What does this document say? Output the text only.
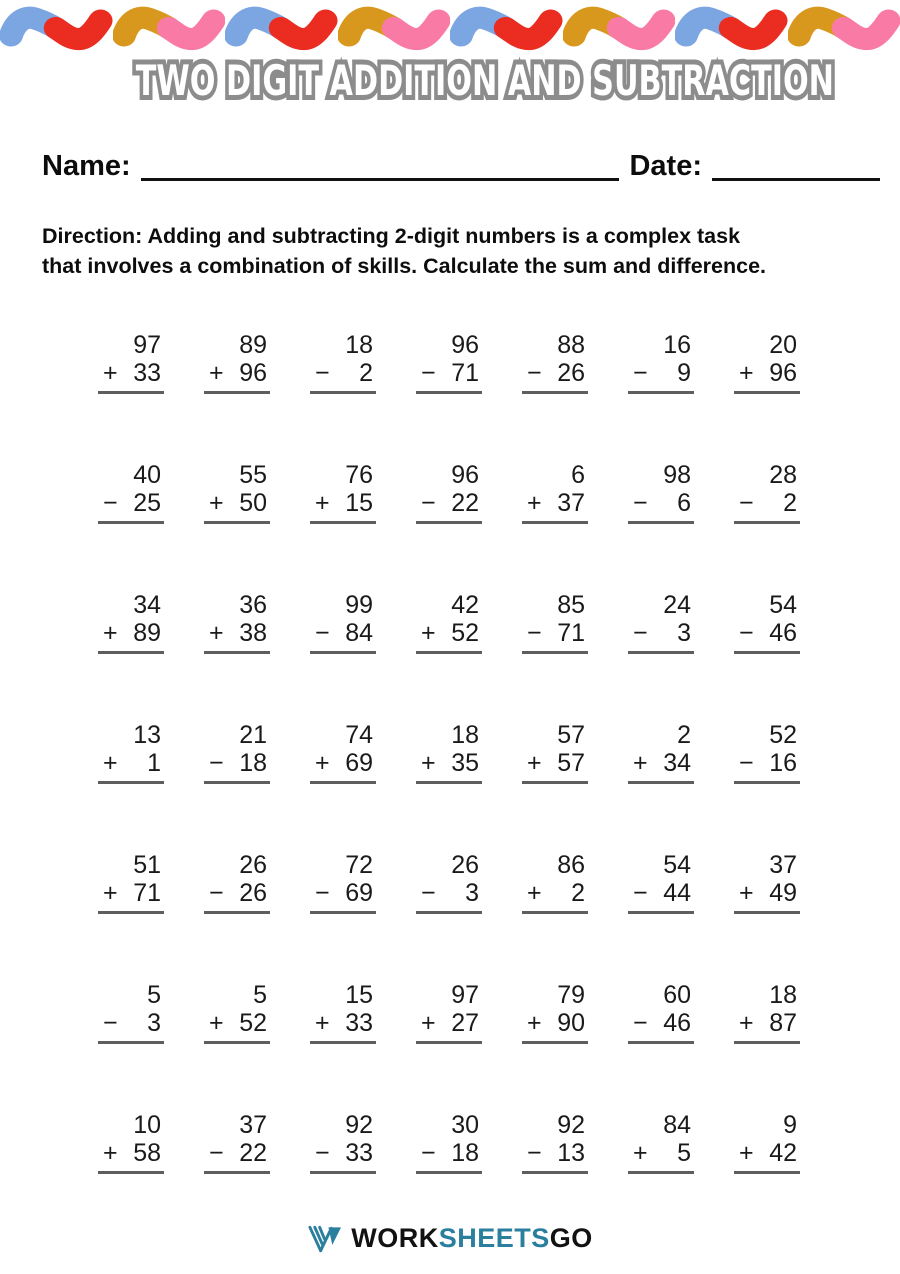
TWO DIGIT ADDITION AND SUBTRACTION TWO DIGIT ADDITION AND SUBTRACTION
Name:	Date:
Direction: Adding and subtracting 2-digit numbers is a complex task
that involves a combination of skills. Calculate the sum and difference.
97
+ 33
89
+ 96
18
− 2
96
− 71
88
− 26
16
− 9
20
+ 96
40
− 25
55
+ 50
76
+ 15
96
− 22
6
+ 37
98
− 6
28
− 2
34
+ 89
36
+ 38
99
− 84
42
+ 52
85
− 71
24
− 3
54
− 46
13
+ 1
21
− 18
74
+ 69
18
+ 35
57
+ 57
2
+ 34
52
− 16
51
+ 71
26
− 26
72
− 69
26
− 3
86
+ 2
54
− 44
37
+ 49
5
− 3
5
+ 52
15
+ 33
97
+ 27
79
+ 90
60
− 46
18
+ 87
10
+ 58
37
− 22
92
− 33
30
− 18
92
− 13
84
+ 5
9
+ 42
WORKSHEETSGO
